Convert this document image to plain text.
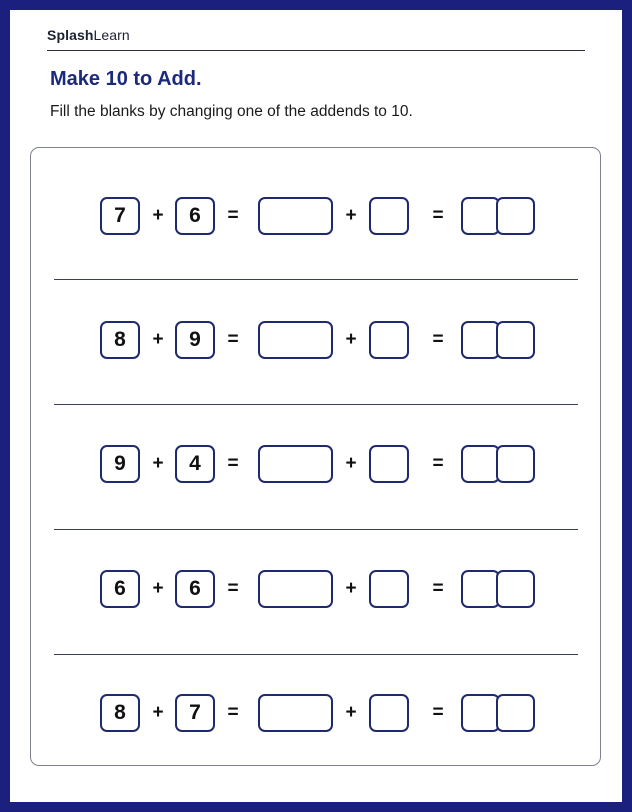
SplashLearn
Make 10 to Add.
Fill the blanks by changing one of the addends to 10.
7	+	6	=	+	=
8	+	9	=	+	=
9	+	4	=	+	=
6	+	6	=	+	=
8	+	7	=	+	=
